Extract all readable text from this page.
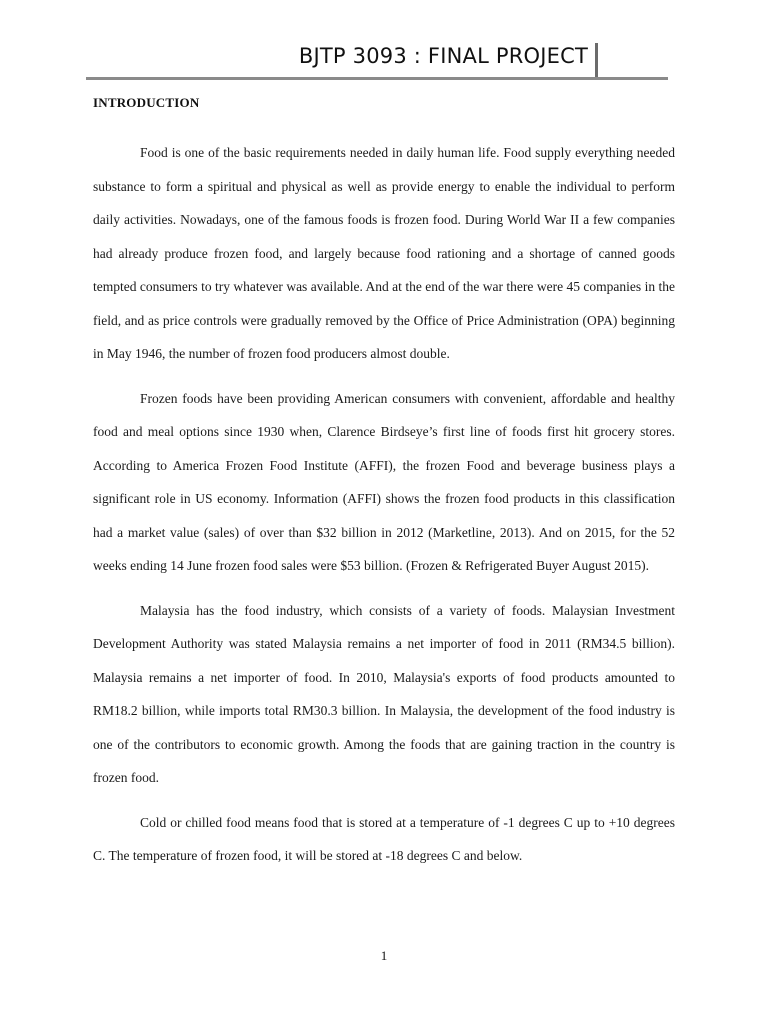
BJTP 3093 : FINAL PROJECT
INTRODUCTION

Food is one of the basic requirements needed in daily human life. Food supply everything needed substance to form a spiritual and physical as well as provide energy to enable the individual to perform daily activities. Nowadays, one of the famous foods is frozen food. During World War II a few companies had already produce frozen food, and largely because food rationing and a shortage of canned goods tempted consumers to try whatever was available. And at the end of the war there were 45 companies in the field, and as price controls were gradually removed by the Office of Price Administration (OPA) beginning in May 1946, the number of frozen food producers almost double.

Frozen foods have been providing American consumers with convenient, affordable and healthy food and meal options since 1930 when, Clarence Birdseye’s first line of foods first hit grocery stores. According to America Frozen Food Institute (AFFI), the frozen Food and beverage business plays a significant role in US economy. Information (AFFI) shows the frozen food products in this classification had a market value (sales) of over than $32 billion in 2012 (Marketline, 2013). And on 2015, for the 52 weeks ending 14 June frozen food sales were $53 billion. (Frozen & Refrigerated Buyer August 2015).

Malaysia has the food industry, which consists of a variety of foods. Malaysian Investment Development Authority was stated Malaysia remains a net importer of food in 2011 (RM34.5 billion). Malaysia remains a net importer of food. In 2010, Malaysia's exports of food products amounted to RM18.2 billion, while imports total RM30.3 billion. In Malaysia, the development of the food industry is one of the contributors to economic growth. Among the foods that are gaining traction in the country is frozen food.

Cold or chilled food means food that is stored at a temperature of -1 degrees C up to +10 degrees C. The temperature of frozen food, it will be stored at -18 degrees C and below.

1
